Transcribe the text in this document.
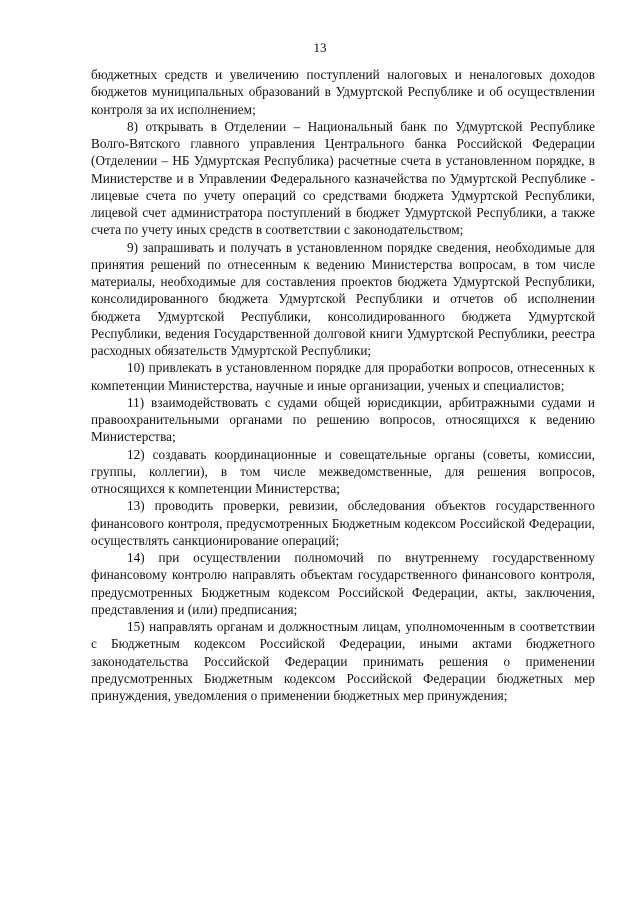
13

бюджетных средств и увеличению поступлений налоговых и неналоговых доходов бюджетов муниципальных образований в Удмуртской Республике и об осуществлении контроля за их исполнением;

8) открывать в Отделении – Национальный банк по Удмуртской Республике Волго-Вятского главного управления Центрального банка Российской Федерации (Отделении – НБ Удмуртская Республика) расчетные счета в установленном порядке, в Министерстве и в Управлении Федерального казначейства по Удмуртской Республике - лицевые счета по учету операций со средствами бюджета Удмуртской Республики, лицевой счет администратора поступлений в бюджет Удмуртской Республики, а также счета по учету иных средств в соответствии с законодательством;

9) запрашивать и получать в установленном порядке сведения, необходимые для принятия решений по отнесенным к ведению Министерства вопросам, в том числе материалы, необходимые для составления проектов бюджета Удмуртской Республики, консолидированного бюджета Удмуртской Республики и отчетов об исполнении бюджета Удмуртской Республики, консолидированного бюджета Удмуртской Республики, ведения Государственной долговой книги Удмуртской Республики, реестра расходных обязательств Удмуртской Республики;

10) привлекать в установленном порядке для проработки вопросов, отнесенных к компетенции Министерства, научные и иные организации, ученых и специалистов;

11) взаимодействовать с судами общей юрисдикции, арбитражными судами и правоохранительными органами по решению вопросов, относящихся к ведению Министерства;

12) создавать координационные и совещательные органы (советы, комиссии, группы, коллегии), в том числе межведомственные, для решения вопросов, относящихся к компетенции Министерства;

13) проводить проверки, ревизии, обследования объектов государственного финансового контроля, предусмотренных Бюджетным кодексом Российской Федерации, осуществлять санкционирование операций;

14) при осуществлении полномочий по внутреннему государственному финансовому контролю направлять объектам государственного финансового контроля, предусмотренных Бюджетным кодексом Российской Федерации, акты, заключения, представления и (или) предписания;

15) направлять органам и должностным лицам, уполномоченным в соответствии с Бюджетным кодексом Российской Федерации, иными актами бюджетного законодательства Российской Федерации принимать решения о применении предусмотренных Бюджетным кодексом Российской Федерации бюджетных мер принуждения, уведомления о применении бюджетных мер принуждения;
